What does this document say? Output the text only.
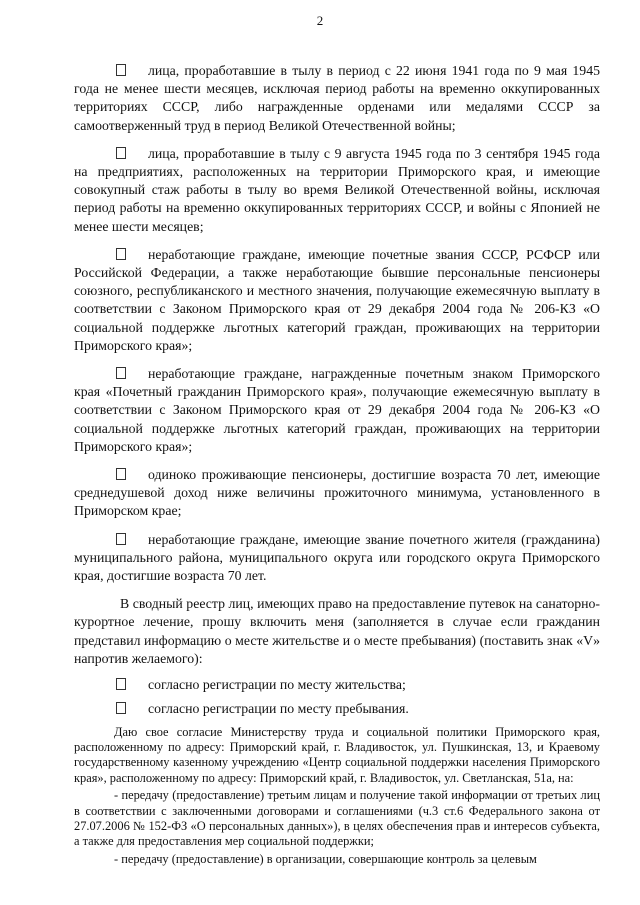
2

лица, проработавшие в тылу в период с 22 июня 1941 года по 9 мая 1945 года не менее шести месяцев, исключая период работы на временно оккупированных территориях СССР, либо награжденные орденами или медалями СССР за самоотверженный труд в период Великой Отечественной войны;

лица, проработавшие в тылу с 9 августа 1945 года по 3 сентября 1945 года на предприятиях, расположенных на территории Приморского края, и имеющие совокупный стаж работы в тылу во время Великой Отечественной войны, исключая период работы на временно оккупированных территориях СССР, и войны с Японией не менее шести месяцев;

неработающие граждане, имеющие почетные звания СССР, РСФСР или Российской Федерации, а также неработающие бывшие персональные пенсионеры союзного, республиканского и местного значения, получающие ежемесячную выплату в соответствии с Законом Приморского края от 29 декабря 2004 года № 206-КЗ «О социальной поддержке льготных категорий граждан, проживающих на территории Приморского края»;

неработающие граждане, награжденные почетным знаком Приморского края «Почетный гражданин Приморского края», получающие ежемесячную выплату в соответствии с Законом Приморского края от 29 декабря 2004 года № 206-КЗ «О социальной поддержке льготных категорий граждан, проживающих на территории Приморского края»;

одиноко проживающие пенсионеры, достигшие возраста 70 лет, имеющие среднедушевой доход ниже величины прожиточного минимума, установленного в Приморском крае;

неработающие граждане, имеющие звание почетного жителя (гражданина) муниципального района, муниципального округа или городского округа Приморского края, достигшие возраста 70 лет.

В сводный реестр лиц, имеющих право на предоставление путевок на санаторно-курортное лечение, прошу включить меня (заполняется в случае если гражданин представил информацию о месте жительстве и о месте пребывания) (поставить знак «V» напротив желаемого):

согласно регистрации по месту жительства;

согласно регистрации по месту пребывания.

Даю свое согласие Министерству труда и социальной политики Приморского края, расположенному по адресу: Приморский край, г. Владивосток, ул. Пушкинская, 13, и Краевому государственному казенному учреждению «Центр социальной поддержки населения Приморского края», расположенному по адресу: Приморский край, г. Владивосток, ул. Светланская, 51а, на:

- передачу (предоставление) третьим лицам и получение такой информации от третьих лиц в соответствии с заключенными договорами и соглашениями (ч.3 ст.6 Федерального закона от 27.07.2006 № 152-ФЗ «О персональных данных»), в целях обеспечения прав и интересов субъекта, а также для предоставления мер социальной поддержки;

- передачу (предоставление) в организации, совершающие контроль за целевым
